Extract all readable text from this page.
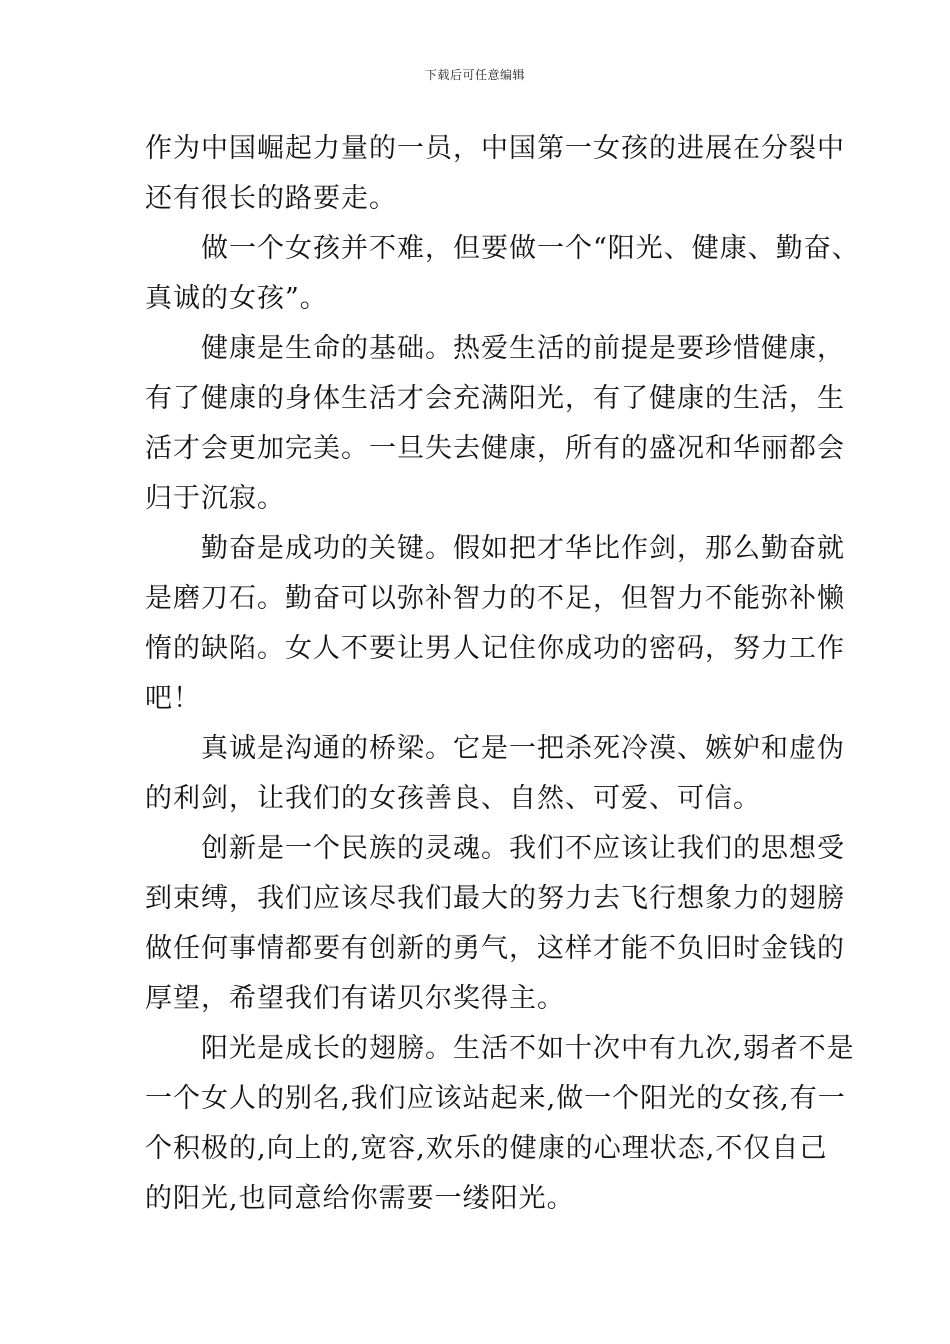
下载后可任意编辑
作为中国崛起力量的一员，中国第一女孩的进展在分裂中
还有很长的路要走。
做一个女孩并不难，但要做一个“阳光、健康、勤奋、
真诚的女孩”。
健康是生命的基础。热爱生活的前提是要珍惜健康，
有了健康的身体生活才会充满阳光，有了健康的生活，生
活才会更加完美。一旦失去健康，所有的盛况和华丽都会
归于沉寂。
勤奋是成功的关键。假如把才华比作剑，那么勤奋就
是磨刀石。勤奋可以弥补智力的不足，但智力不能弥补懒
惰的缺陷。女人不要让男人记住你成功的密码，努力工作
吧！
真诚是沟通的桥梁。它是一把杀死冷漠、嫉妒和虚伪
的利剑，让我们的女孩善良、自然、可爱、可信。
创新是一个民族的灵魂。我们不应该让我们的思想受
到束缚，我们应该尽我们最大的努力去飞行想象力的翅膀
做任何事情都要有创新的勇气，这样才能不负旧时金钱的
厚望，希望我们有诺贝尔奖得主。
阳光是成长的翅膀。生活不如十次中有九次,弱者不是
一个女人的别名,我们应该站起来,做一个阳光的女孩,有一
个积极的,向上的,宽容,欢乐的健康的心理状态,不仅自己
的阳光,也同意给你需要一缕阳光。
